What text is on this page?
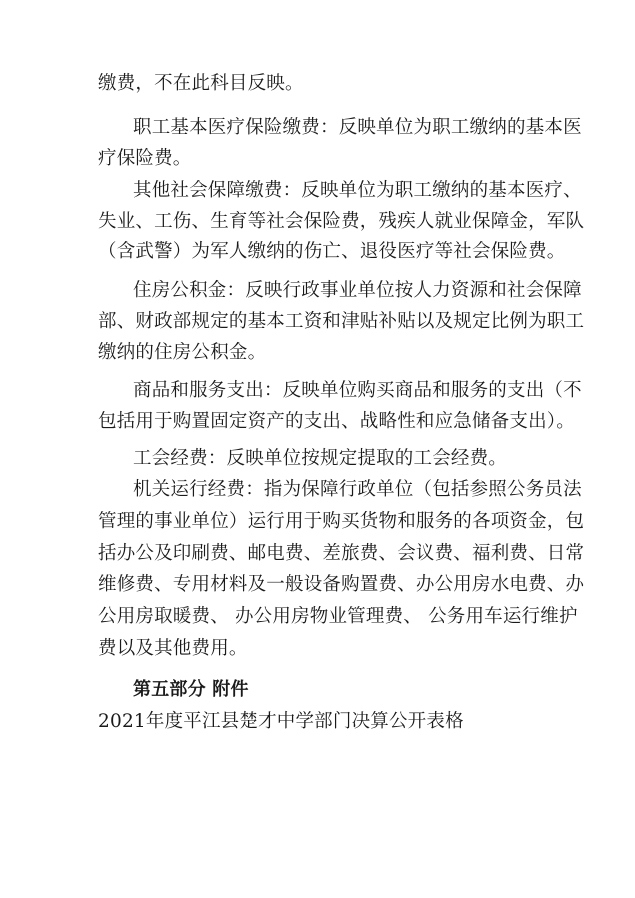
缴费，不在此科目反映。
职工基本医疗保险缴费：反映单位为职工缴纳的基本医
疗保险费。
其他社会保障缴费：反映单位为职工缴纳的基本医疗、
失业、工伤、生育等社会保险费，残疾人就业保障金，军队
（含武警）为军人缴纳的伤亡、退役医疗等社会保险费。
住房公积金：反映行政事业单位按人力资源和社会保障
部、财政部规定的基本工资和津贴补贴以及规定比例为职工
缴纳的住房公积金。
商品和服务支出：反映单位购买商品和服务的支出（不
包括用于购置固定资产的支出、战略性和应急储备支出）。
工会经费：反映单位按规定提取的工会经费。
机关运行经费：指为保障行政单位（包括参照公务员法
管理的事业单位）运行用于购买货物和服务的各项资金，包
括办公及印刷费、邮电费、差旅费、会议费、福利费、日常
维修费、专用材料及一般设备购置费、办公用房水电费、办
公用房取暖费、 办公用房物业管理费、 公务用车运行维护
费以及其他费用。
第五部分 附件
2021年度平江县楚才中学部门决算公开表格
